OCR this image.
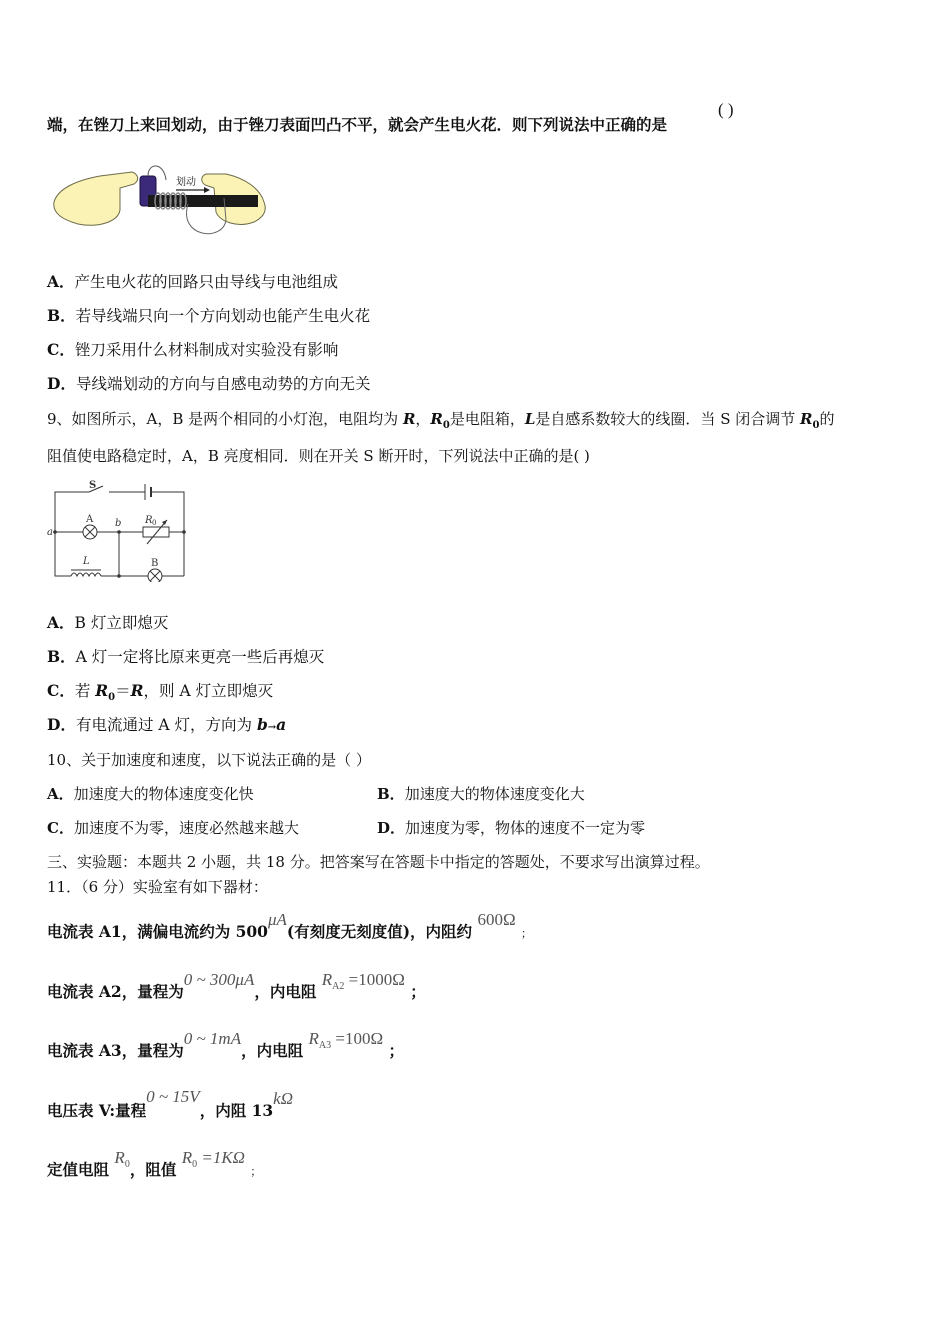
端，在锉刀上来回划动，由于锉刀表面凹凸不平，就会产生电火花．则下列说法中正确的是
( )
划动
A．产生电火花的回路只由导线与电池组成
B．若导线端只向一个方向划动也能产生电火花
C．锉刀采用什么材料制成对实验没有影响
D．导线端划动的方向与自感电动势的方向无关
9、如图所示，A，B 是两个相同的小灯泡，电阻均为 R，$R_0$是电阻箱，L是自感系数较大的线圈．当 S 闭合调节 $R_0$的
阻值使电路稳定时，A，B 亮度相同．则在开关 S 断开时，下列说法中正确的是( )
S
A
B
a
b
L
R 0
A．B 灯立即熄灭
B．A 灯一定将比原来更亮一些后再熄灭
C．若 $R_0=R$，则 A 灯立即熄灭
D．有电流通过 A 灯，方向为 b→a
10、关于加速度和速度，以下说法正确的是（ ）
A．加速度大的物体速度变化快	B．加速度大的物体速度变化大
C．加速度不为零，速度必然越来越大	D．加速度为零，物体的速度不一定为零
三、实验题：本题共 2 小题，共 18 分。把答案写在答题卡中指定的答题处，不要求写出演算过程。
11．（6 分）实验室有如下器材：
电流表 A1，满偏电流约为 500μA(有刻度无刻度值)，内阻约 600Ω ；
电流表 A2，量程为0 ~ 300μA，内电阻 $R_{A2} =1000\Omega$ ；
电流表 A3，量程为0 ~ 1mA，内电阻 $R_{A3} =100\Omega$ ；
电压表 V:量程0 ~ 15V，内阻 13kΩ
定值电阻 $R_0$，阻值 $R_0 =1K\Omega$ ；
